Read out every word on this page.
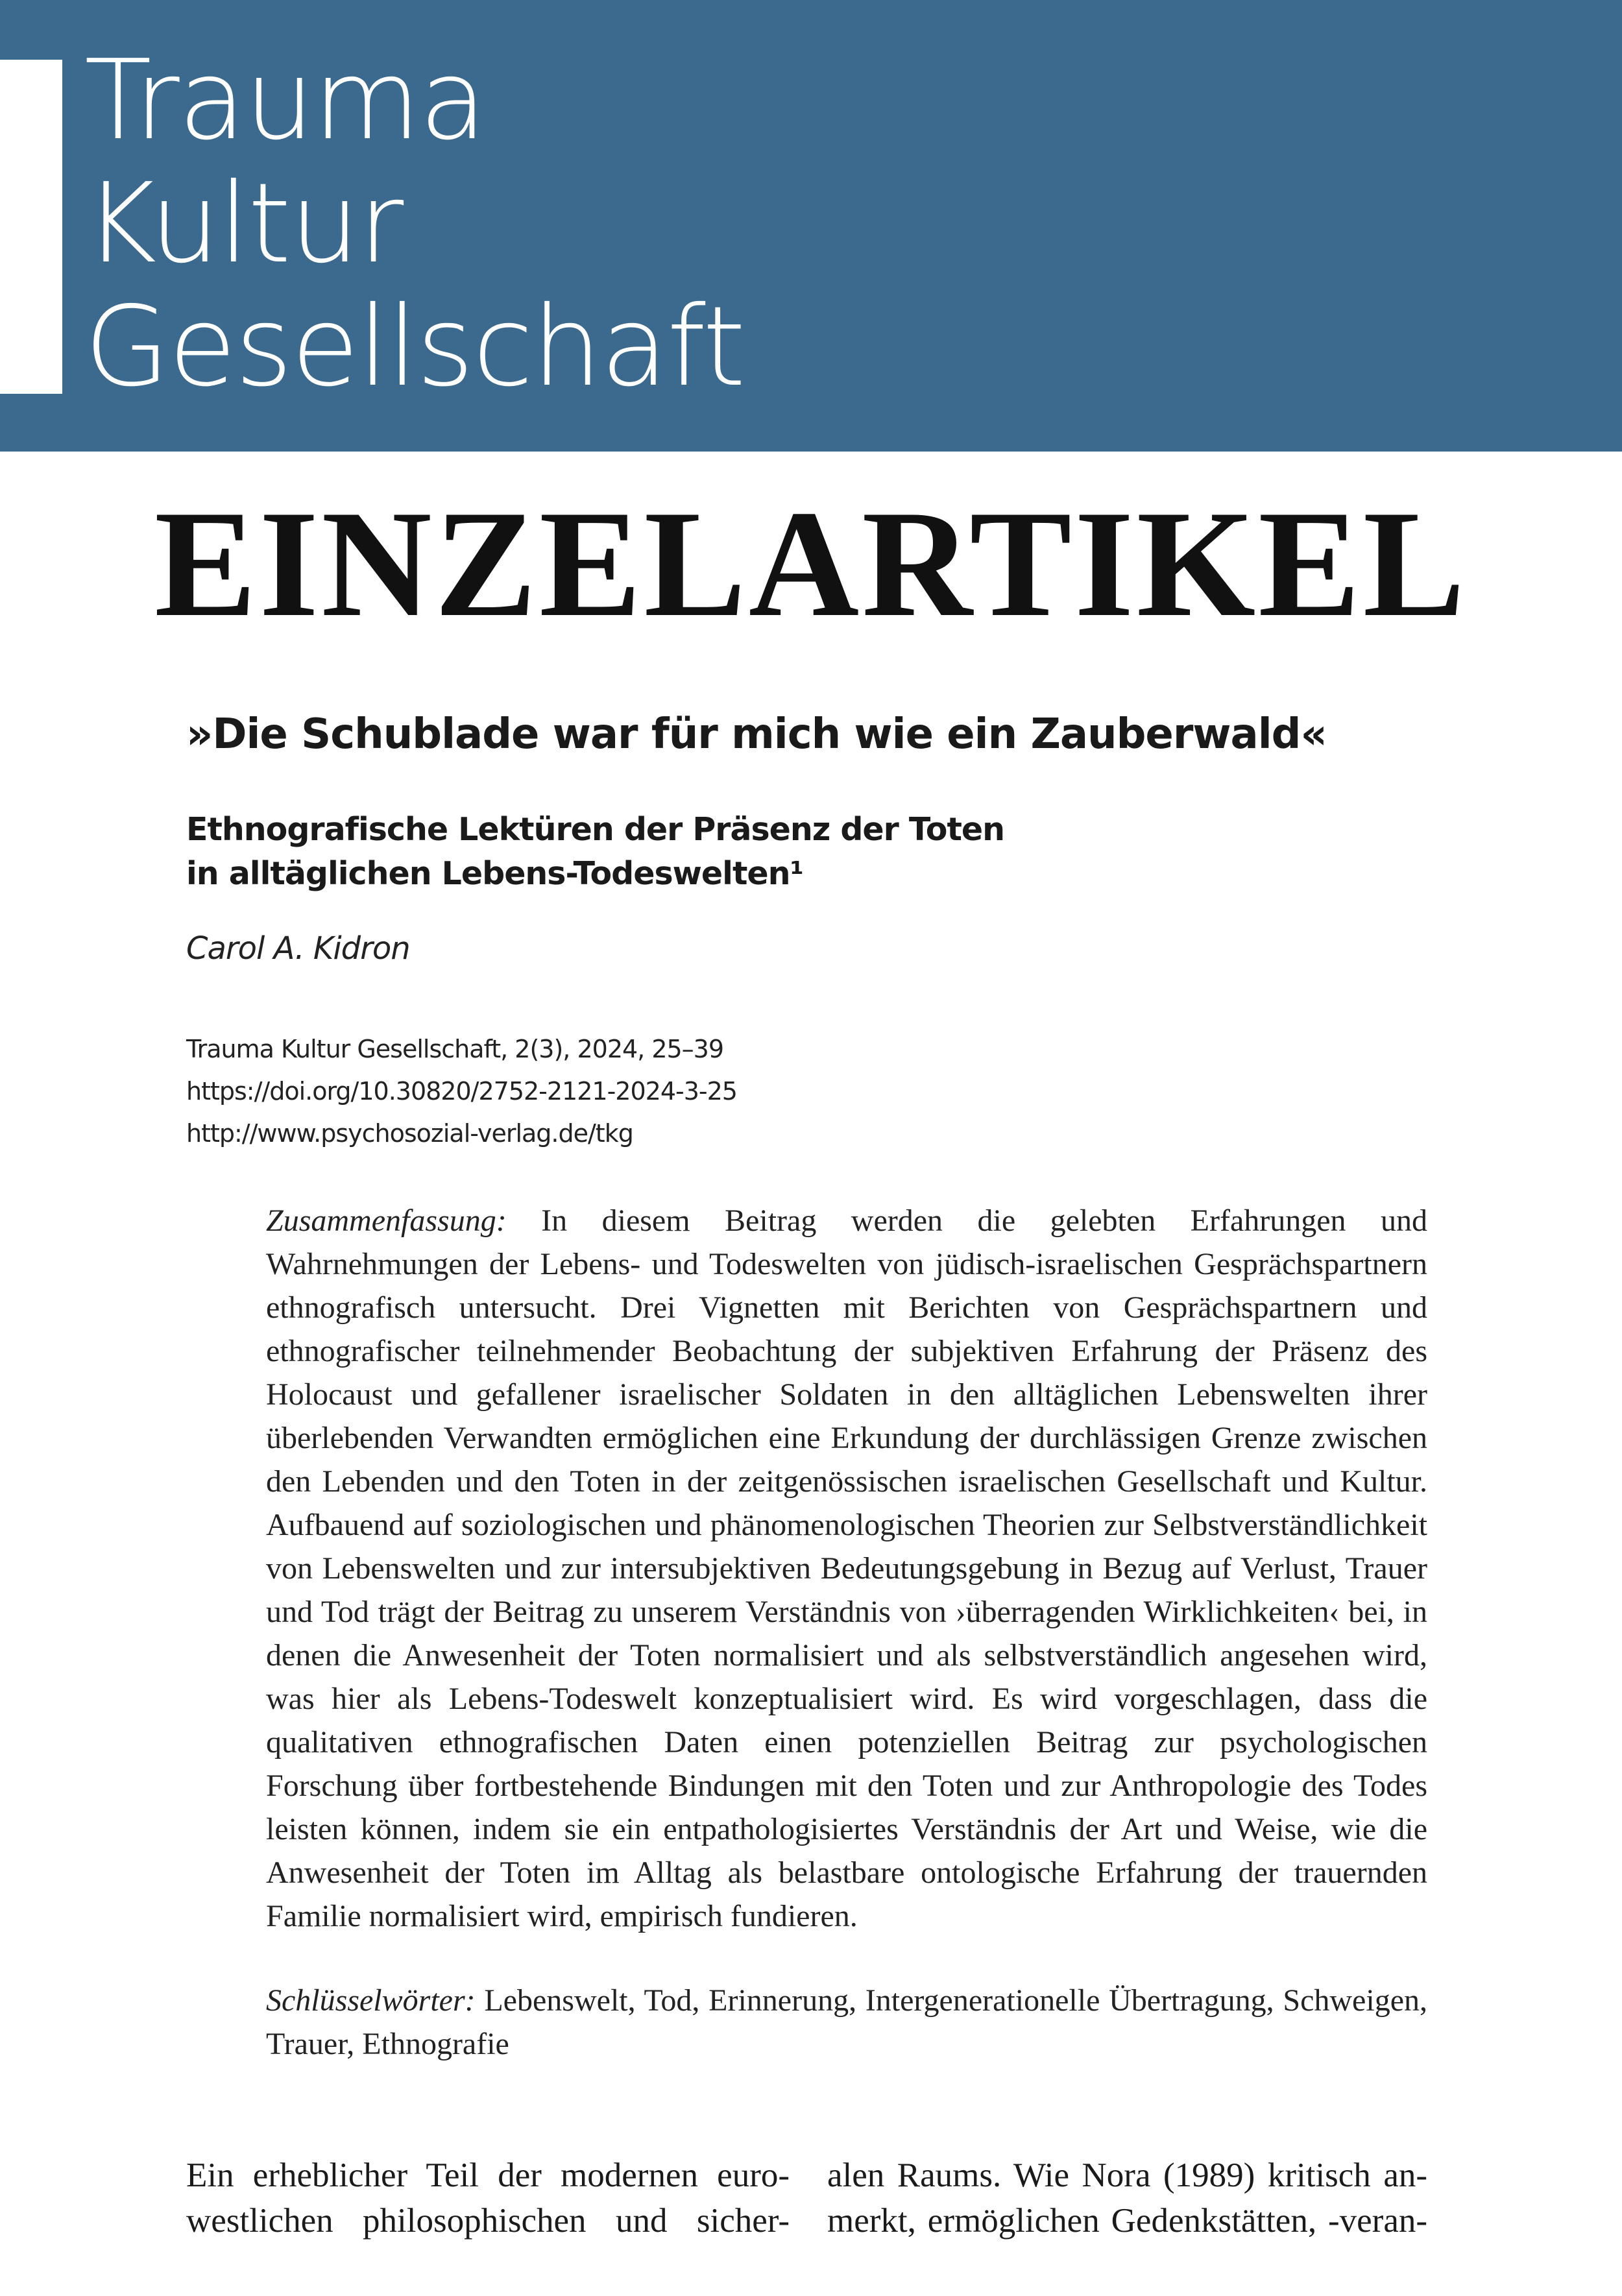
Trauma
Kultur
Gesellschaft
EINZELARTIKEL
»Die Schublade war für mich wie ein Zauberwald«
Ethnografische Lektüren der Präsenz der Toten
in alltäglichen Lebens-Todeswelten¹
Carol A. Kidron
Trauma Kultur Gesellschaft, 2(3), 2024, 25–39
https://doi.org/10.30820/2752-2121-2024-3-25
http://www.psychosozial-verlag.de/tkg
Zusammenfassung: In diesem Beitrag werden die gelebten Erfahrungen und Wahrnehmungen der Lebens- und Todeswelten von jüdisch-israelischen Gesprächspartnern ethnografisch untersucht. Drei Vignetten mit Berichten von Gesprächspartnern und ethnografischer teilnehmender Beobachtung der subjektiven Erfahrung der Präsenz des Holocaust und gefallener israelischer Soldaten in den alltäglichen Lebenswelten ihrer überlebenden Verwandten ermöglichen eine Erkundung der durchlässigen Grenze zwischen den Lebenden und den Toten in der zeitgenössischen israelischen Gesellschaft und Kultur. Aufbauend auf soziologischen und phänomenologischen Theorien zur Selbstverständlichkeit von Lebenswelten und zur intersubjektiven Bedeutungsgebung in Bezug auf Verlust, Trauer und Tod trägt der Beitrag zu unserem Verständnis von ›überragenden Wirklichkeiten‹ bei, in denen die Anwesenheit der Toten normalisiert und als selbstverständlich angesehen wird, was hier als Lebens-Todeswelt konzeptualisiert wird. Es wird vorgeschlagen, dass die qualitativen ethnografischen Daten einen potenziellen Beitrag zur psychologischen Forschung über fortbestehende Bindungen mit den Toten und zur Anthropologie des Todes leisten können, indem sie ein entpathologisiertes Verständnis der Art und Weise, wie die Anwesenheit der Toten im Alltag als belastbare ontologische Erfahrung der trauernden Familie normalisiert wird, empirisch fundieren.
Schlüsselwörter: Lebenswelt, Tod, Erinnerung, Intergenerationelle Übertragung, Schweigen, Trauer, Ethnografie
Ein erheblicher Teil der modernen euro-
westlichen philosophischen und sicher-
alen Raums. Wie Nora (1989) kritisch an-
merkt, ermöglichen Gedenkstätten, -veran-
